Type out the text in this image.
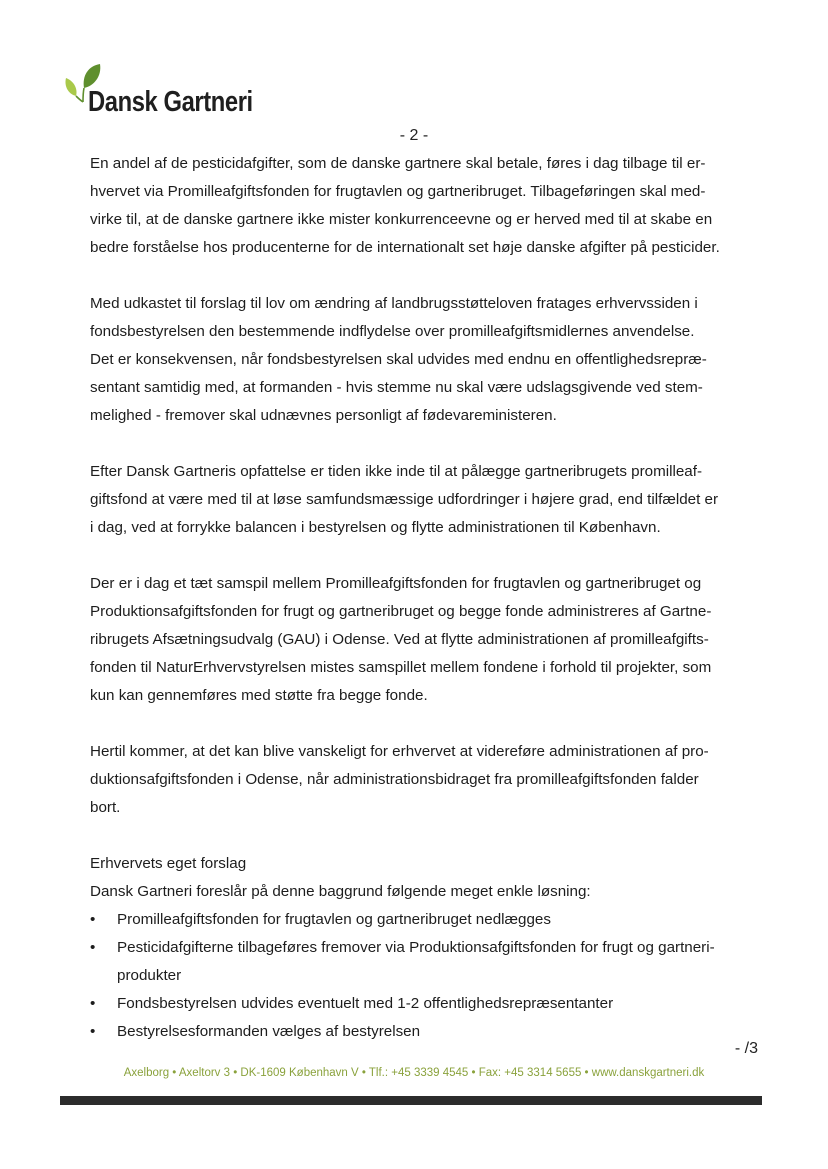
Dansk Gartneri
- 2 -

En andel af de pesticidafgifter, som de danske gartnere skal betale, føres i dag tilbage til er-
hvervet via Promilleafgiftsfonden for frugtavlen og gartneribruget. Tilbageføringen skal med-
virke til, at de danske gartnere ikke mister konkurrenceevne og er herved med til at skabe en
bedre forståelse hos producenterne for de internationalt set høje danske afgifter på pesticider.

Med udkastet til forslag til lov om ændring af landbrugsstøtteloven fratages erhvervssiden i
fondsbestyrelsen den bestemmende indflydelse over promilleafgiftsmidlernes anvendelse.
Det er konsekvensen, når fondsbestyrelsen skal udvides med endnu en offentlighedsrepræ-
sentant samtidig med, at formanden - hvis stemme nu skal være udslagsgivende ved stem-
melighed - fremover skal udnævnes personligt af fødevareministeren.

Efter Dansk Gartneris opfattelse er tiden ikke inde til at pålægge gartneribrugets promilleaf-
giftsfond at være med til at løse samfundsmæssige udfordringer i højere grad, end tilfældet er
i dag, ved at forrykke balancen i bestyrelsen og flytte administrationen til København.

Der er i dag et tæt samspil mellem Promilleafgiftsfonden for frugtavlen og gartneribruget og
Produktionsafgiftsfonden for frugt og gartneribruget og begge fonde administreres af Gartne-
ribrugets Afsætningsudvalg (GAU) i Odense. Ved at flytte administrationen af promilleafgifts-
fonden til NaturErhvervstyrelsen mistes samspillet mellem fondene i forhold til projekter, som
kun kan gennemføres med støtte fra begge fonde.

Hertil kommer, at det kan blive vanskeligt for erhvervet at videreføre administrationen af pro-
duktionsafgiftsfonden i Odense, når administrationsbidraget fra promilleafgiftsfonden falder
bort.

Erhvervets eget forslag
Dansk Gartneri foreslår på denne baggrund følgende meget enkle løsning:
• Promilleafgiftsfonden for frugtavlen og gartneribruget nedlægges
• Pesticidafgifterne tilbageføres fremover via Produktionsafgiftsfonden for frugt og gartneri-
produkter
• Fondsbestyrelsen udvides eventuelt med 1-2 offentlighedsrepræsentanter
• Bestyrelsesformanden vælges af bestyrelsen
- /3
Axelborg • Axeltorv 3 • DK-1609 København V • Tlf.: +45 3339 4545 • Fax: +45 3314 5655 • www.danskgartneri.dk
